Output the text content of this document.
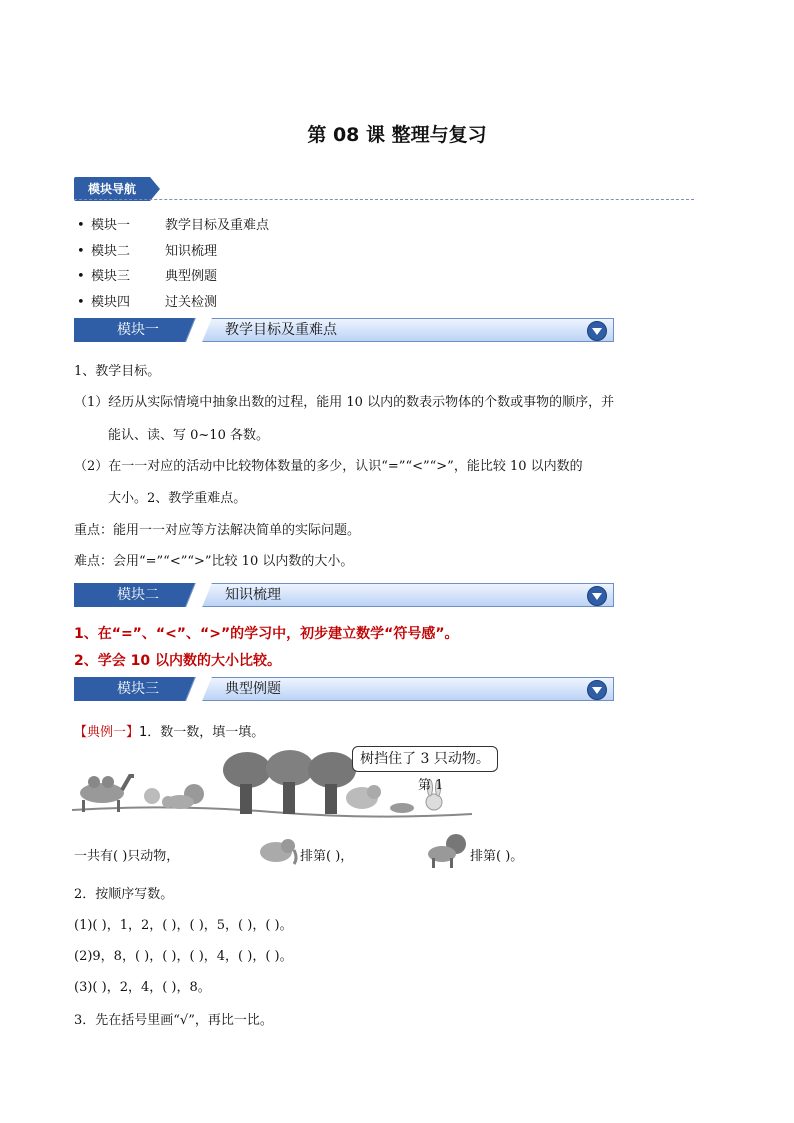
第 08 课 整理与复习
模块导航
• 模块一	教学目标及重难点
• 模块二	知识梳理
• 模块三	典型例题
• 模块四	过关检测
模块一	教学目标及重难点
1、教学目标。
（1）经历从实际情境中抽象出数的过程，能用 10 以内的数表示物体的个数或事物的顺序，并
能认、读、写 0~10 各数。
（2）在一一对应的活动中比较物体数量的多少，认识“=”“<”“>”，能比较 10 以内数的
大小。2、教学重难点。
重点：能用一一对应等方法解决简单的实际问题。
难点：会用“=”“<”“>”比较 10 以内数的大小。
模块二	知识梳理
1、在“=”、“<”、“>”的学习中，初步建立数学“符号感”。
2、学会 10 以内数的大小比较。
模块三	典型例题
【典例一】1．数一数，填一填。
树挡住了 3 只动物。
第 1
一共有( )只动物，	排第( )，	排第( )。
2．按顺序写数。
(1)( )，1，2，( )，( )，5，( )，( )。
(2)9，8，( )，( )，( )，4，( )，( )。
(3)( )，2，4，( )，8。
3．先在括号里画“√”，再比一比。
